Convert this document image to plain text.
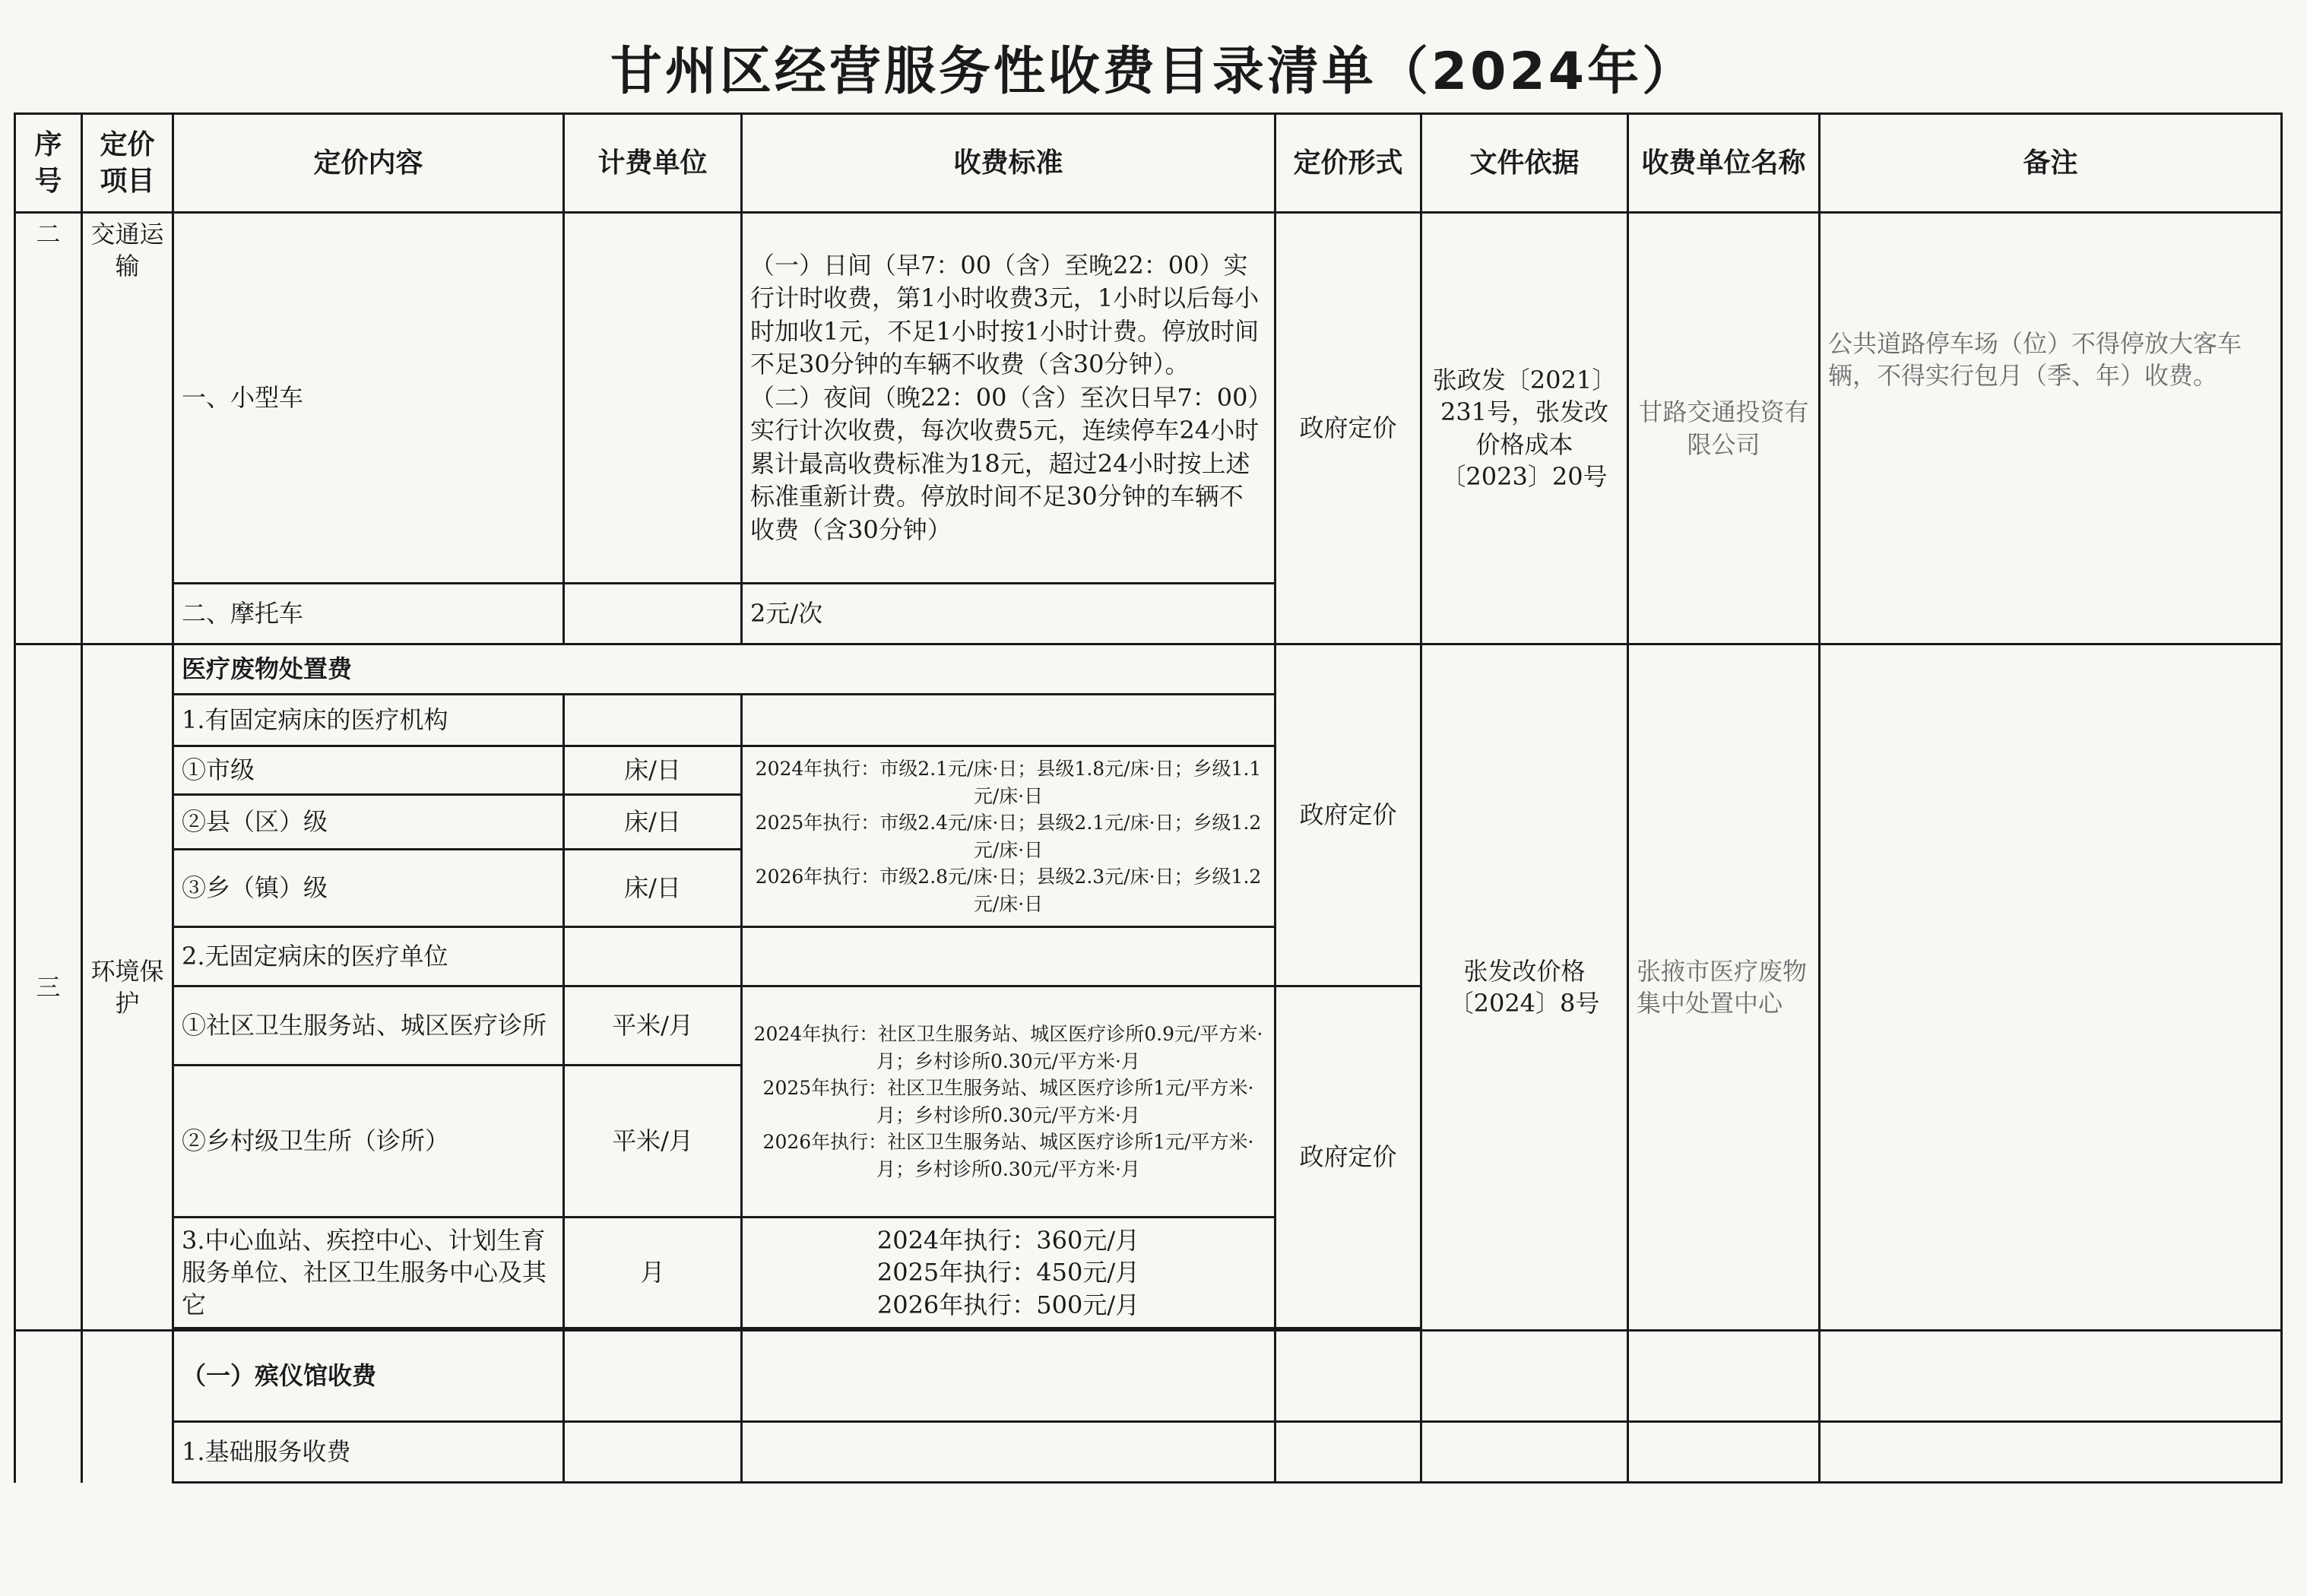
甘州区经营服务性收费目录清单（2024年）
序号	定价项目	定价内容	计费单位	收费标准	定价形式	文件依据	收费单位名称	备注
二	交通运输	一、小型车		（一）日间（早7：00（含）至晚22：00）实行计时收费，第1小时收费3元，1小时以后每小时加收1元，不足1小时按1小时计费。停放时间不足30分钟的车辆不收费（含30分钟）。
（二）夜间（晚22：00（含）至次日早7：00）实行计次收费，每次收费5元，连续停车24小时累计最高收费标准为18元，超过24小时按上述标准重新计费。停放时间不足30分钟的车辆不收费（含30分钟）	政府定价	张政发〔2021〕231号，张发改价格成本〔2023〕20号	甘路交通投资有限公司	公共道路停车场（位）不得停放大客车辆，不得实行包月（季、年）收费。
		二、摩托车		2元/次				
三	环境保护	医疗废物处置费			政府定价	张发改价格〔2024〕8号	张掖市医疗废物集中处置中心	
		1.有固定病床的医疗机构						
		①市级	床/日	2024年执行：市级2.1元/床·日；县级1.8元/床·日；乡级1.1元/床·日
2025年执行：市级2.4元/床·日；县级2.1元/床·日；乡级1.2元/床·日
2026年执行：市级2.8元/床·日；县级2.3元/床·日；乡级1.2元/床·日				
		②县（区）级	床/日					
		③乡（镇）级	床/日					
		2.无固定病床的医疗单位						
		①社区卫生服务站、城区医疗诊所	平米/月	2024年执行：社区卫生服务站、城区医疗诊所0.9元/平方米·月；乡村诊所0.30元/平方米·月
2025年执行：社区卫生服务站、城区医疗诊所1元/平方米·月；乡村诊所0.30元/平方米·月
2026年执行：社区卫生服务站、城区医疗诊所1元/平方米·月；乡村诊所0.30元/平方米·月	政府定价			
		②乡村级卫生所（诊所）	平米/月					
		3.中心血站、疾控中心、计划生育服务单位、社区卫生服务中心及其它	月	2024年执行：360元/月
2025年执行：450元/月
2026年执行：500元/月				

		（一）殡仪馆收费						
		1.基础服务收费						
